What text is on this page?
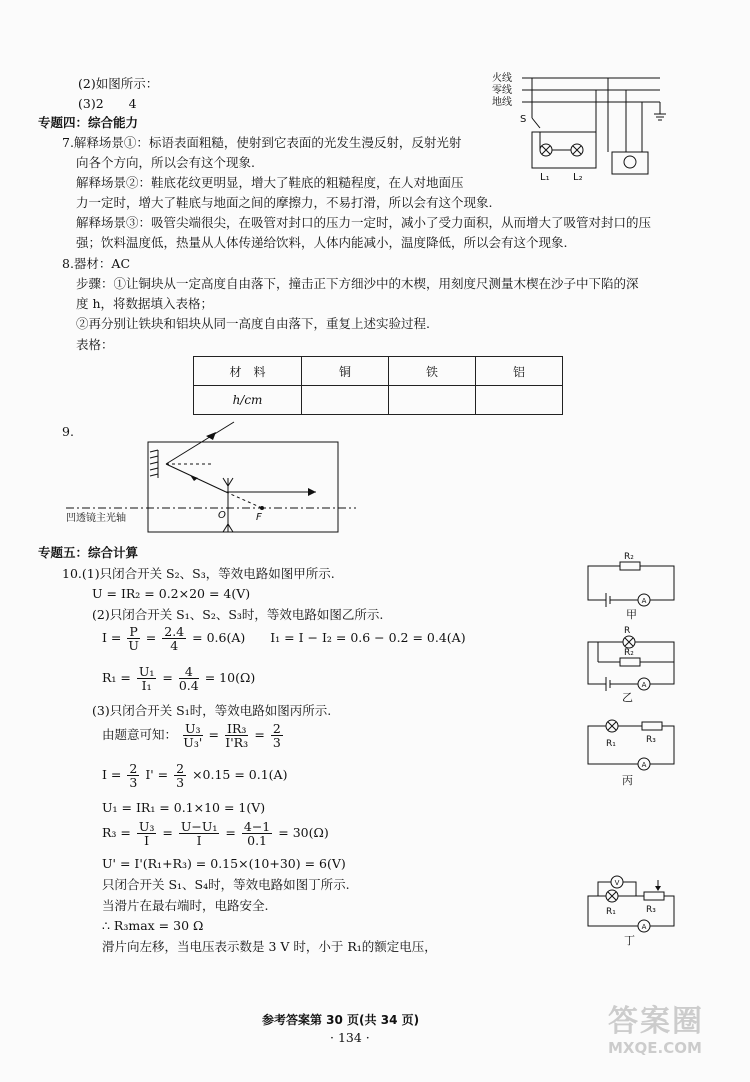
(2)如图所示：
(3)2　　4
专题四：综合能力
7.解释场景①：标语表面粗糙，使射到它表面的光发生漫反射，反射光射
向各个方向，所以会有这个现象.
解释场景②：鞋底花纹更明显，增大了鞋底的粗糙程度，在人对地面压
力一定时，增大了鞋底与地面之间的摩擦力，不易打滑，所以会有这个现象.
解释场景③：吸管尖端很尖，在吸管对封口的压力一定时，减小了受力面积，从而增大了吸管对封口的压
强；饮料温度低，热量从人体传递给饮料，人体内能减小，温度降低，所以会有这个现象.
8.器材：AC
步骤：①让铜块从一定高度自由落下，撞击正下方细沙中的木楔，用刻度尺测量木楔在沙子中下陷的深
度 h，将数据填入表格；
②再分别让铁块和铝块从同一高度自由落下，重复上述实验过程.
表格：
材　料	铜	铁	铝
h/cm			
9.
火线
零线
地线
S
L₁ L₂
凹透镜主光轴	O	F
专题五：综合计算
10.(1)只闭合开关 S₂、S₃，等效电路如图甲所示.
U = IR₂ = 0.2×20 = 4(V)
(2)只闭合开关 S₁、S₂、S₃时，等效电路如图乙所示.
$I = \frac{P}{U} = \frac{2.4}{4} = 0.6(A)$　　I₁ = I − I₂ = 0.6 − 0.2 = 0.4(A)
$R_1 = \frac{\text{U₁}}{\text{I₁}} = \frac{4}{0.4} = 10(\Omega)$
(3)只闭合开关 S₁时，等效电路如图丙所示.
由题意可知： $\frac{\text{U₃}}{\text{U₃'}} = \frac{\text{IR₃}}{\text{I'R₃}} = \frac{2}{3}$
$I = \frac{2}{3} I' = \frac{2}{3} \times 0.15 = 0.1(A)$
U₁ = IR₁ = 0.1×10 = 1(V)
$R_3 = \frac{\text{U₃}}{I} = \frac{\text{U−U₁}}{I} = \frac{4-1}{0.1} = 30(\Omega)$
U' = I'(R₁+R₃) = 0.15×(10+30) = 6(V)
只闭合开关 S₁、S₄时，等效电路如图丁所示.
当滑片在最右端时，电路安全.
∴ R₃max = 30 Ω
滑片向左移，当电压表示数是 3 V 时，小于 R₁的额定电压，
R₂
A
甲
R
R₂
A
乙
R₁	R₃
A
丙
V
A
R₁	R₃
丁
参考答案第 30 页(共 34 页)
· 134 ·	答案圈
MXQE.COM
